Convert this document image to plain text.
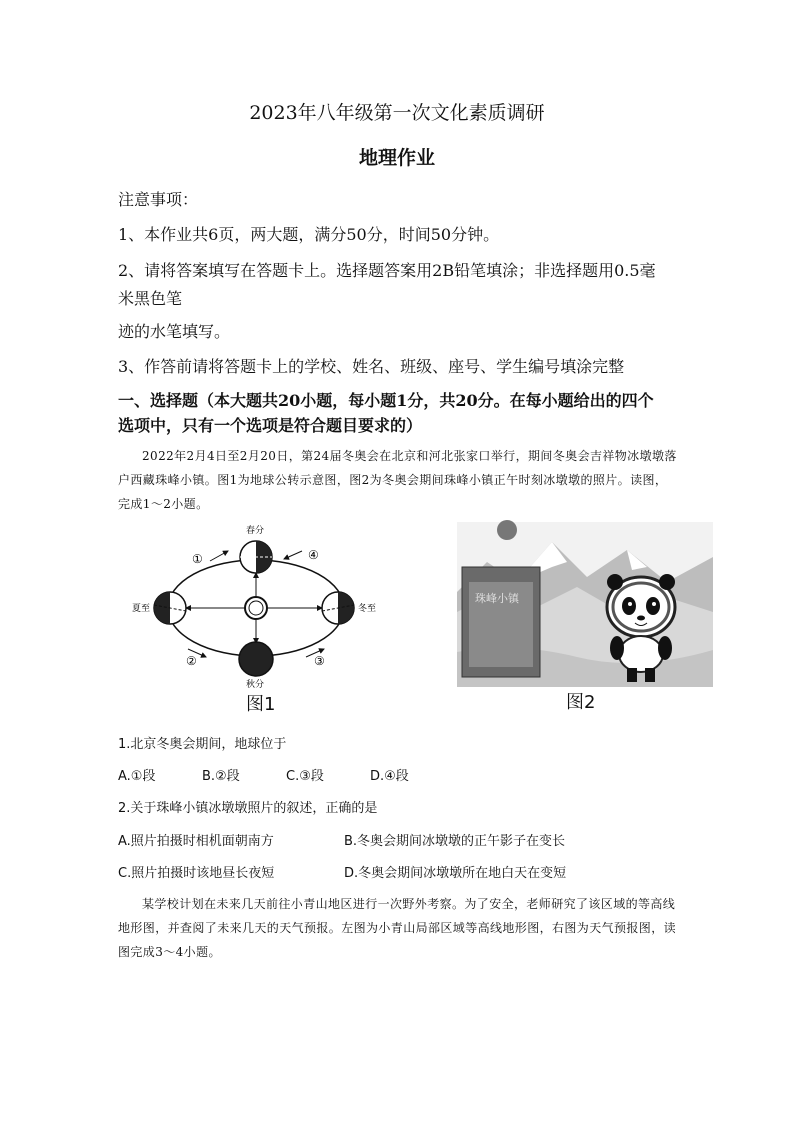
2023年八年级第一次文化素质调研
地理作业
注意事项：
1、本作业共6页，两大题，满分50分，时间50分钟。
2、请将答案填写在答题卡上。选择题答案用2B铅笔填涂；非选择题用0.5毫
米黑色笔
迹的水笔填写。
3、作答前请将答题卡上的学校、姓名、班级、座号、学生编号填涂完整
一、选择题（本大题共20小题，每小题1分，共20分。在每小题给出的四个
选项中，只有一个选项是符合题目要求的）
2022年2月4日至2月20日，第24届冬奥会在北京和河北张家口举行，期间冬奥会吉祥物冰墩墩落户西藏珠峰小镇。图1为地球公转示意图，图2为冬奥会期间珠峰小镇正午时刻冰墩墩的照片。读图，完成1～2小题。
春分
夏至	冬至
秋分
①
②	③
④
图1
珠峰小镇
图2
1.北京冬奥会期间，地球位于
A.①段	B.②段	C.③段	D.④段
2.关于珠峰小镇冰墩墩照片的叙述，正确的是
A.照片拍摄时相机面朝南方	B.冬奥会期间冰墩墩的正午影子在变长
C.照片拍摄时该地昼长夜短	D.冬奥会期间冰墩墩所在地白天在变短
某学校计划在未来几天前往小青山地区进行一次野外考察。为了安全，老师研究了该区域的等高线地形图，并查阅了未来几天的天气预报。左图为小青山局部区域等高线地形图，右图为天气预报图，读图完成3～4小题。
